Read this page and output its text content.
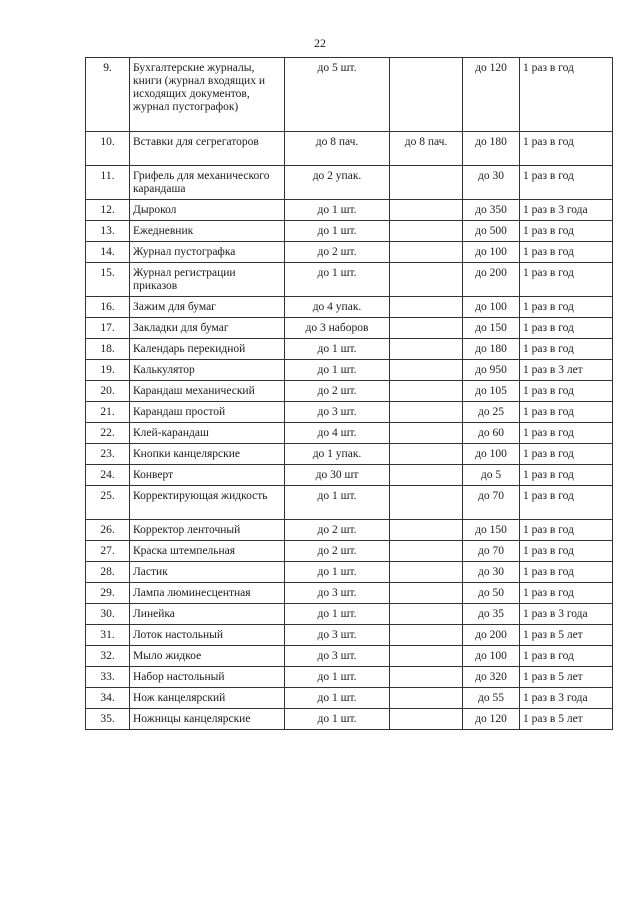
22
9.	Бухгалтерские журналы, книги (журнал входящих и исходящих документов, журнал пустографок)	до 5 шт.		до 120	1 раз в год
10.	Вставки для сегрегаторов	до 8 пач.	до 8 пач.	до 180	1 раз в год
11.	Грифель для механического карандаша	до 2 упак.		до 30	1 раз в год
12.	Дырокол	до 1 шт.		до 350	1 раз в 3 года
13.	Ежедневник	до 1 шт.		до 500	1 раз в год
14.	Журнал пустографка	до 2 шт.		до 100	1 раз в год
15.	Журнал регистрации приказов	до 1 шт.		до 200	1 раз в год
16.	Зажим для бумаг	до 4 упак.		до 100	1 раз в год
17.	Закладки для бумаг	до 3 наборов		до 150	1 раз в год
18.	Календарь перекидной	до 1 шт.		до 180	1 раз в год
19.	Калькулятор	до 1 шт.		до 950	1 раз в 3 лет
20.	Карандаш механический	до 2 шт.		до 105	1 раз в год
21.	Карандаш простой	до 3 шт.		до 25	1 раз в год
22.	Клей-карандаш	до 4 шт.		до 60	1 раз в год
23.	Кнопки канцелярские	до 1 упак.		до 100	1 раз в год
24.	Конверт	до 30 шт		до 5	1 раз в год
25.	Корректирующая жидкость	до 1 шт.		до 70	1 раз в год
26.	Корректор ленточный	до 2 шт.		до 150	1 раз в год
27.	Краска штемпельная	до 2 шт.		до 70	1 раз в год
28.	Ластик	до 1 шт.		до 30	1 раз в год
29.	Лампа люминесцентная	до 3 шт.		до 50	1 раз в год
30.	Линейка	до 1 шт.		до 35	1 раз в 3 года
31.	Лоток настольный	до 3 шт.		до 200	1 раз в 5 лет
32.	Мыло жидкое	до 3 шт.		до 100	1 раз в год
33.	Набор настольный	до 1 шт.		до 320	1 раз в 5 лет
34.	Нож канцелярский	до 1 шт.		до 55	1 раз в 3 года
35.	Ножницы канцелярские	до 1 шт.		до 120	1 раз в 5 лет
